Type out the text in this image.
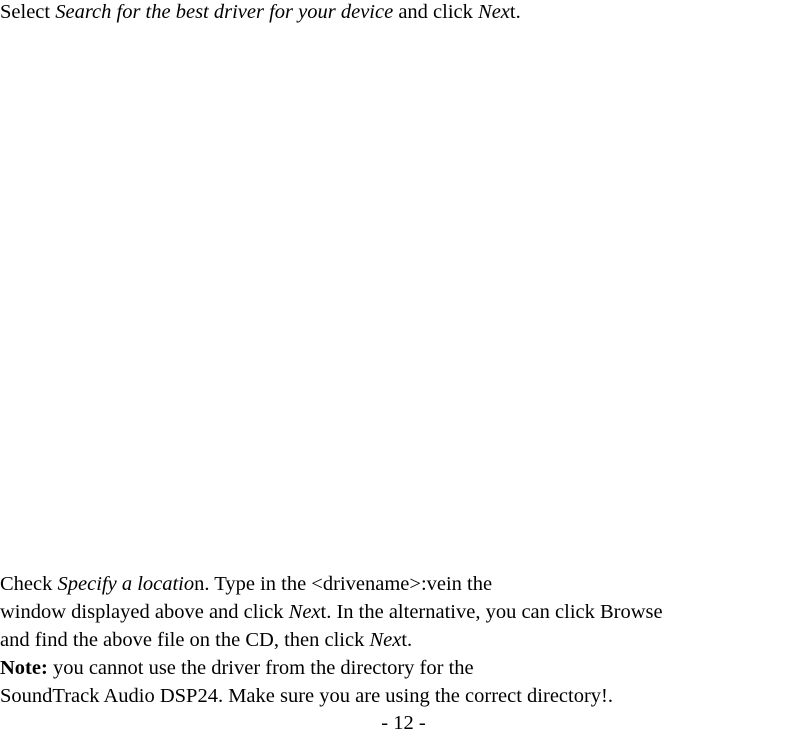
Select Search for the best driver for your device and click Next.
Check Specify a location. Type in the <drivename>:vein the
window displayed above and click Next. In the alternative, you can click Browse
and find the above file on the CD, then click Next.
Note: you cannot use the driver from the directory for the
SoundTrack Audio DSP24. Make sure you are using the correct directory!.
- 12 -
